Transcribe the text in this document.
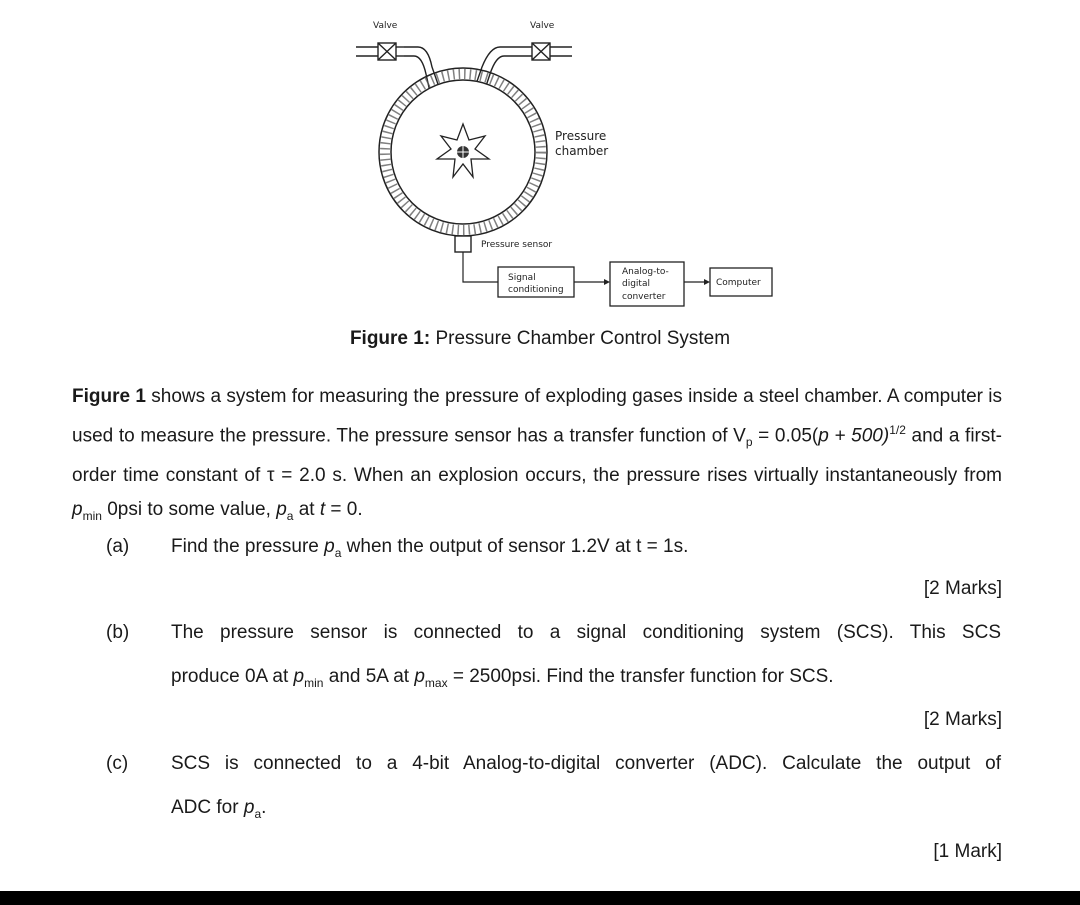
Valve	Valve
Pressure
chamber
Pressure sensor
Signal
conditioning
Analog-to-
digital
converter
Computer
Figure 1: Pressure Chamber Control System
Figure 1 shows a system for measuring the pressure of exploding gases inside a steel chamber. A computer is used to measure the pressure. The pressure sensor has a transfer function of $V_p = 0.05(p + 500)^{1/2}$ and a first-order time constant of τ = 2.0 s. When an explosion occurs, the pressure rises virtually instantaneously from $p_{min}$ 0psi to some value, $p_a$ at t = 0.
(a) Find the pressure $p_a$ when the output of sensor 1.2V at t = 1s.
[2 Marks]
(b) The pressure sensor is connected to a signal conditioning system (SCS). This SCS
produce 0A at $p_{min}$ and 5A at $p_{max} = 2500psi$. Find the transfer function for SCS.
[2 Marks]
(c) SCS is connected to a 4-bit Analog-to-digital converter (ADC). Calculate the output of
ADC for $p_a$.
[1 Mark]
